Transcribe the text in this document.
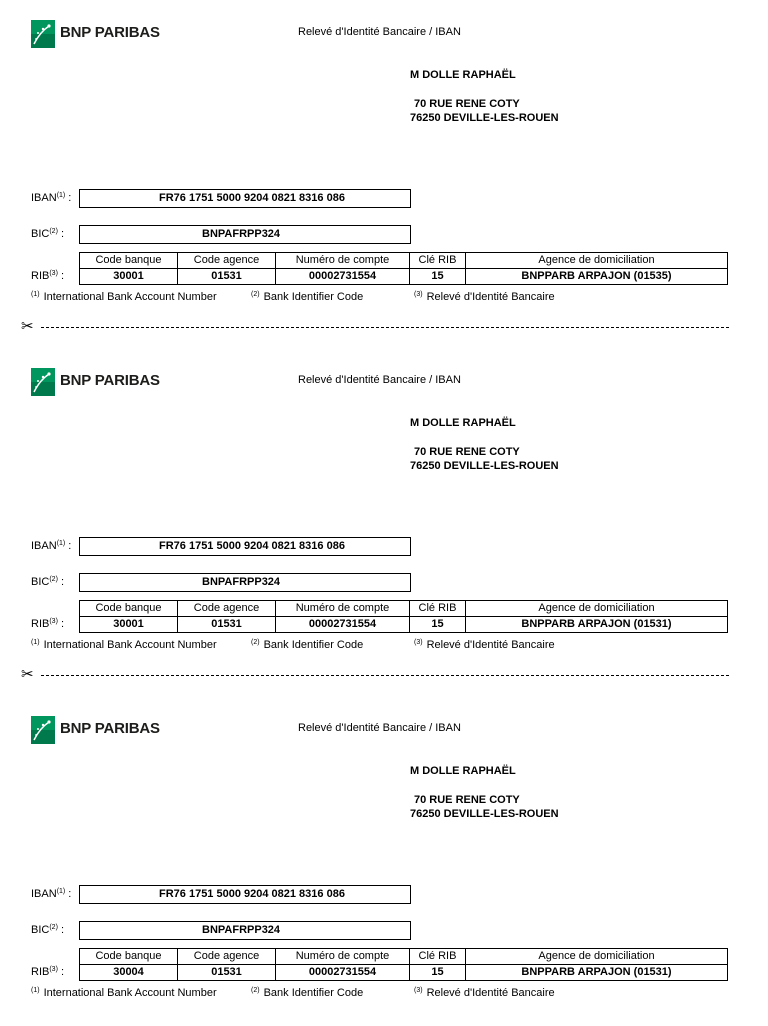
BNP PARIBAS	Relevé d'Identité Bancaire / IBAN
M DOLLE RAPHAËL
70 RUE RENE COTY
76250 DEVILLE-LES-ROUEN
IBAN$^{(1)}$ :	FR76 1751 5000 9204 0821 8316 086
BIC$^{(2)}$ :	BNPAFRPP324
RIB$^{(3)}$ :
Code banque	Code agence	Numéro de compte	Clé RIB	Agence de domiciliation
30001	01531	00002731554	15	BNPPARB ARPAJON (01535)
$^{(1)}$ International Bank Account Number	$^{(2)}$ Bank Identifier Code	$^{(3)}$ Relevé d'Identité Bancaire
✂
BNP PARIBAS	Relevé d'Identité Bancaire / IBAN
M DOLLE RAPHAËL
70 RUE RENE COTY
76250 DEVILLE-LES-ROUEN
IBAN$^{(1)}$ :	FR76 1751 5000 9204 0821 8316 086
BIC$^{(2)}$ :	BNPAFRPP324
RIB$^{(3)}$ :
Code banque	Code agence	Numéro de compte	Clé RIB	Agence de domiciliation
30001	01531	00002731554	15	BNPPARB ARPAJON (01531)
$^{(1)}$ International Bank Account Number	$^{(2)}$ Bank Identifier Code	$^{(3)}$ Relevé d'Identité Bancaire
✂
BNP PARIBAS	Relevé d'Identité Bancaire / IBAN
M DOLLE RAPHAËL
70 RUE RENE COTY
76250 DEVILLE-LES-ROUEN
IBAN$^{(1)}$ :	FR76 1751 5000 9204 0821 8316 086
BIC$^{(2)}$ :	BNPAFRPP324
RIB$^{(3)}$ :
Code banque	Code agence	Numéro de compte	Clé RIB	Agence de domiciliation
30004	01531	00002731554	15	BNPPARB ARPAJON (01531)
$^{(1)}$ International Bank Account Number	$^{(2)}$ Bank Identifier Code	$^{(3)}$ Relevé d'Identité Bancaire
